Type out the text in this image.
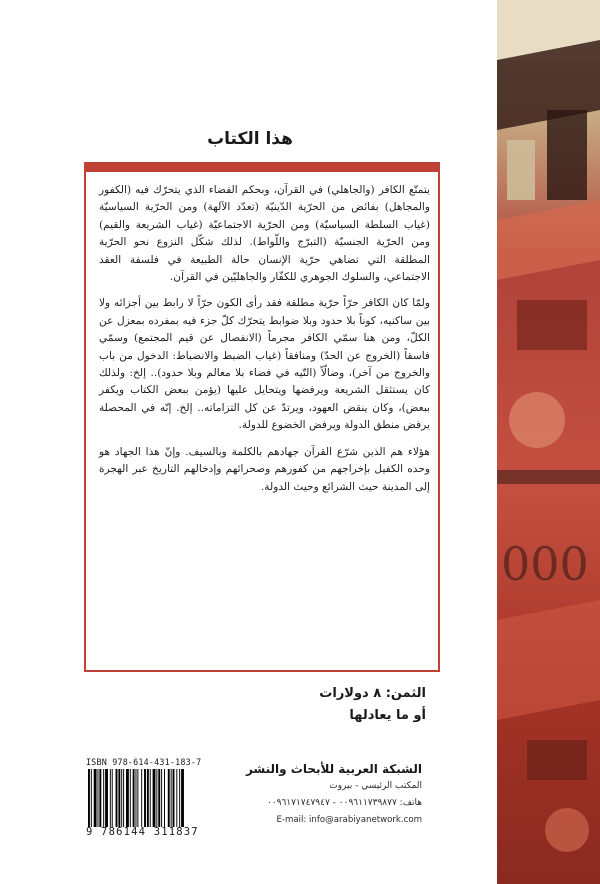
000
هذا الكتاب

يتمتّع الكافر (والجاهلي) في القرآن، وبحكم الفضاء الذي يتحرّك فيه (الكفور والمجاهل) بفائض من الحرّية الدّينيّة (تعدّد الآلهة) ومن الحرّية السياسيّة (غياب السلطة السياسيّة) ومن الحرّية الاجتماعيّة (غياب الشريعة والقيم) ومن الحرّية الجنسيّة (التبرّج واللّواط). لذلك شكّل النزوع نحو الحرّية المطلقة التي تضاهي حرّية الإنسان حالة الطبيعة في فلسفة العقد الاجتماعي، والسلوك الجوهري للكفّار والجاهليّين في القرآن.

ولمّا كان الكافر حرّاً حرّية مطلقة فقد رأى الكون حرّاً لا رابط بين أجزائه ولا بين ساكنيه، كوناً بلا حدود وبلا ضوابط يتحرّك كلّ جزء فيه بمفرده بمعزل عن الكلّ، ومن هنا سمّي الكافر مجرماً (الانفصال عن قيم المجتمع) وسمّي فاسقاً (الخروج عن الحدّ) ومنافقاً (غياب الضبط والانضباط: الدخول من باب والخروج من آخر)، وضالّاً (التّيه في فضاء بلا معالم وبلا حدود).. إلخ: ولذلك كان يستثقل الشريعة ويرفضها ويتحايل عليها (يؤمن ببعض الكتاب ويكفر ببعض)، وكان ينقض العهود، ويرتدّ عن كل التزاماته.. إلخ. إنّه في المحصلة يرفض منطق الدولة ويرفض الخضوع للدولة.

هؤلاء هم الذين شرّع القرآن جهادهم بالكلمة وبالسيف. وإنّ هذا الجهاد هو وحده الكفيل بإخراجهم من كفورهم وصحرائهم وإدخالهم التاريخ عبر الهجرة إلى المدينة حيث الشرائع وحيث الدولة.

الثمن: ٨ دولارات
أو ما يعادلها
ISBN 978-614-431-183-7
9 786144 311837
الشبكة العربية للأبحاث والنشر
المكتب الرئيسي - بيروت
هاتف: ٠٠٩٦١١٧٣٩٨٧٧ - ٠٠٩٦١٧١٧٤٧٩٤٧
E-mail: info@arabiyanetwork.com
